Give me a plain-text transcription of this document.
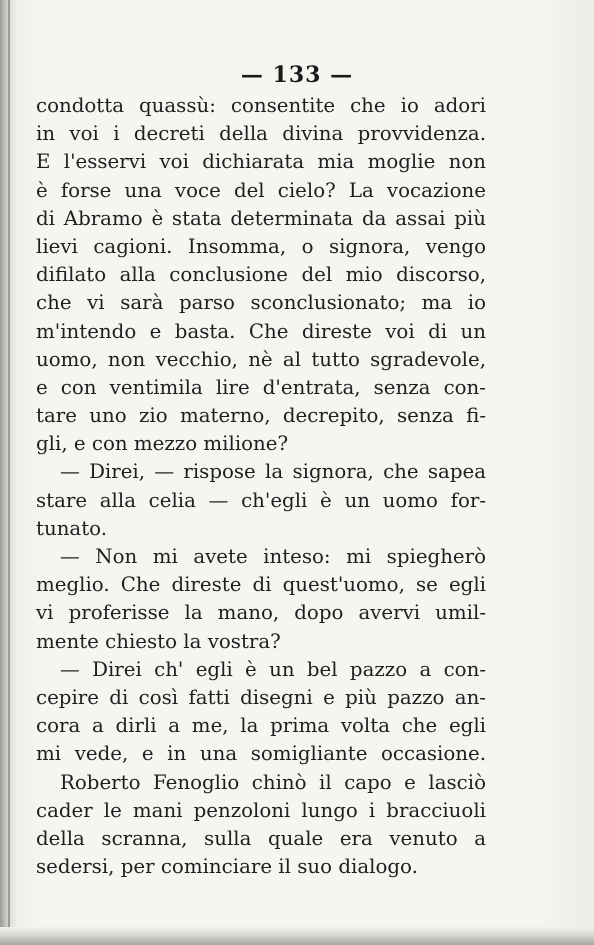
— 133 —
condotta quassù: consentite che io adori
in voi i decreti della divina provvidenza.
E l'esservi voi dichiarata mia moglie non
è forse una voce del cielo? La vocazione
di Abramo è stata determinata da assai più
lievi cagioni. Insomma, o signora, vengo
difilato alla conclusione del mio discorso,
che vi sarà parso sconclusionato; ma io
m'intendo e basta. Che direste voi di un
uomo, non vecchio, nè al tutto sgradevole,
e con ventimila lire d'entrata, senza con-
tare uno zio materno, decrepito, senza fi-
gli, e con mezzo milione?
— Direi, — rispose la signora, che sapea
stare alla celia — ch'egli è un uomo for-
tunato.
— Non mi avete inteso: mi spiegherò
meglio. Che direste di quest'uomo, se egli
vi proferisse la mano, dopo avervi umil-
mente chiesto la vostra?
— Direi ch' egli è un bel pazzo a con-
cepire di così fatti disegni e più pazzo an-
cora a dirli a me, la prima volta che egli
mi vede, e in una somigliante occasione.
Roberto Fenoglio chinò il capo e lasciò
cader le mani penzoloni lungo i bracciuoli
della scranna, sulla quale era venuto a
sedersi, per cominciare il suo dialogo.
